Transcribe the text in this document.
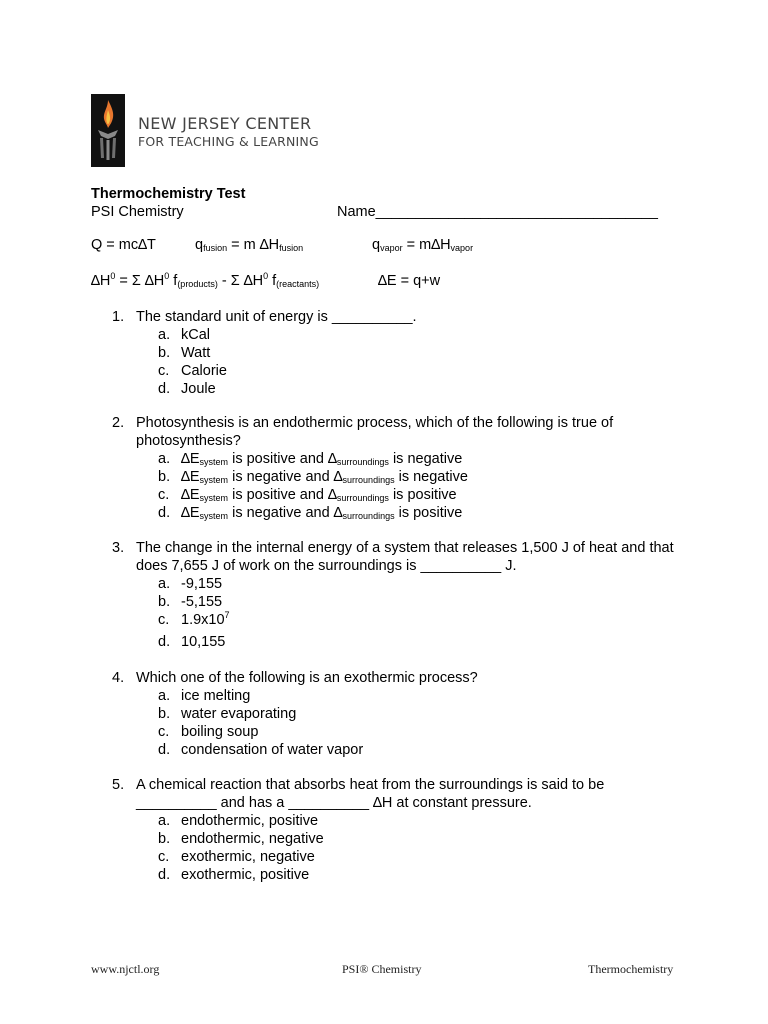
NEW JERSEY CENTER
FOR TEACHING & LEARNING
Thermochemistry Test
PSI Chemistry	Name___________________________________
Q = mc∆T	$q_{fusion} = m$ $\Delta H_{fusion}$	$q_{vapor} = m\Delta H_{vapor}$
$\Delta H^0 = \Sigma$ $\Delta H^0$ $f_{(products)}$ - Σ $\Delta H^0$ $f_{(reactants)}$	∆E = q+w
1. The standard unit of energy is __________.
a. kCal
b. Watt
c. Calorie
d. Joule
2. Photosynthesis is an endothermic process, which of the following is true of photosynthesis?
a. $\Delta E_{system}$ is positive and $\Delta_{surroundings}$ is negative
b. $\Delta E_{system}$ is negative and $\Delta_{surroundings}$ is negative
c. $\Delta E_{system}$ is positive and $\Delta_{surroundings}$ is positive
d. $\Delta E_{system}$ is negative and $\Delta_{surroundings}$ is positive
3. The change in the internal energy of a system that releases 1,500 J of heat and that does 7,655 J of work on the surroundings is __________ J.
a. -9,155
b. -5,155
c. $1.9x10^7$
d. 10,155
4. Which one of the following is an exothermic process?
a. ice melting
b. water evaporating
c. boiling soup
d. condensation of water vapor
5. A chemical reaction that absorbs heat from the surroundings is said to be __________ and has a __________ ∆H at constant pressure.
a. endothermic, positive
b. endothermic, negative
c. exothermic, negative
d. exothermic, positive
www.njctl.org	PSI® Chemistry	Thermochemistry
